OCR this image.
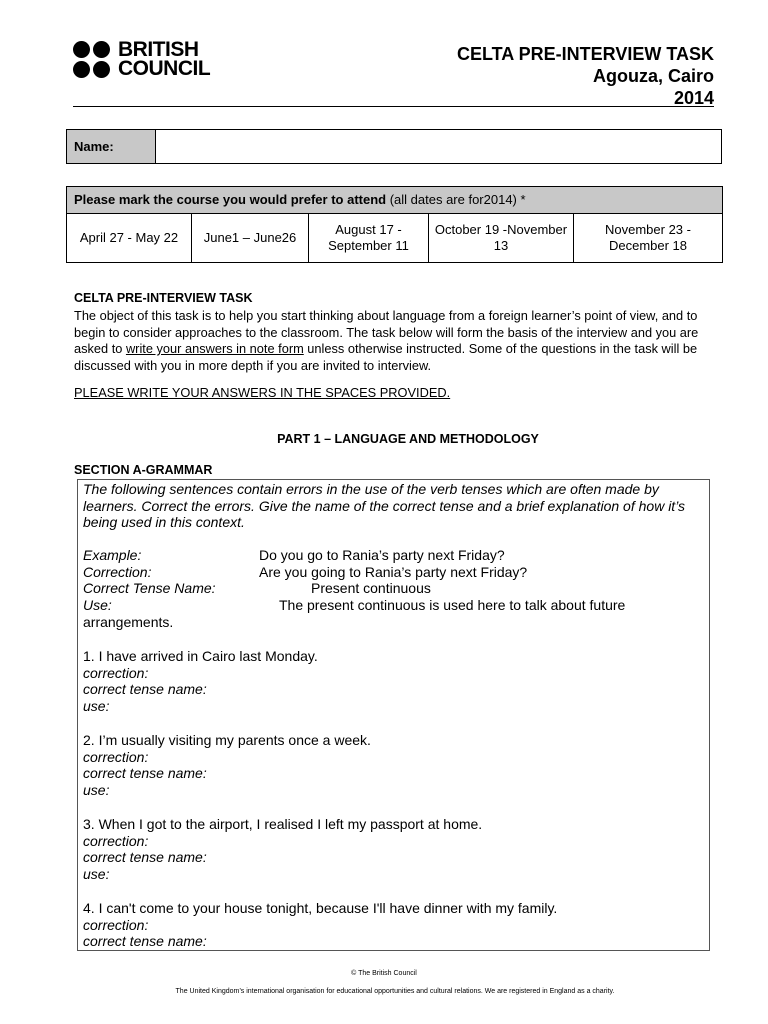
BRITISH
COUNCIL
CELTA PRE-INTERVIEW TASK
Agouza, Cairo
2014
Name:	
Please mark the course you would prefer to attend (all dates are for2014) *
April 27 - May 22	June1 – June26	August 17 - September 11	October 19 -November 13	November 23 - December 18
CELTA PRE-INTERVIEW TASK
The object of this task is to help you start thinking about language from a foreign learner’s point of view, and to begin to consider approaches to the classroom. The task below will form the basis of the interview and you are asked to write your answers in note form unless otherwise instructed. Some of the questions in the task will be discussed with you in more depth if you are invited to interview.
PLEASE WRITE YOUR ANSWERS IN THE SPACES PROVIDED.
PART 1 – LANGUAGE AND METHODOLOGY
SECTION A-GRAMMAR
The following sentences contain errors in the use of the verb tenses which are often made by learners. Correct the errors. Give the name of the correct tense and a brief explanation of how it’s being used in this context.
Example:	Do you go to Rania’s party next Friday?
Correction:	Are you going to Rania’s party next Friday?
Correct Tense Name:	Present continuous
Use:	The present continuous is used here to talk about future
arrangements.
1. I have arrived in Cairo last Monday.
correction:
correct tense name:
use:
2. I’m usually visiting my parents once a week.
correction:
correct tense name:
use:
3. When I got to the airport, I realised I left my passport at home.
correction:
correct tense name:
use:
4. I can't come to your house tonight, because I'll have dinner with my family.
correction:
correct tense name:
© The British Council
The United Kingdom’s international organisation for educational opportunities and cultural relations. We are registered in England as a charity.
